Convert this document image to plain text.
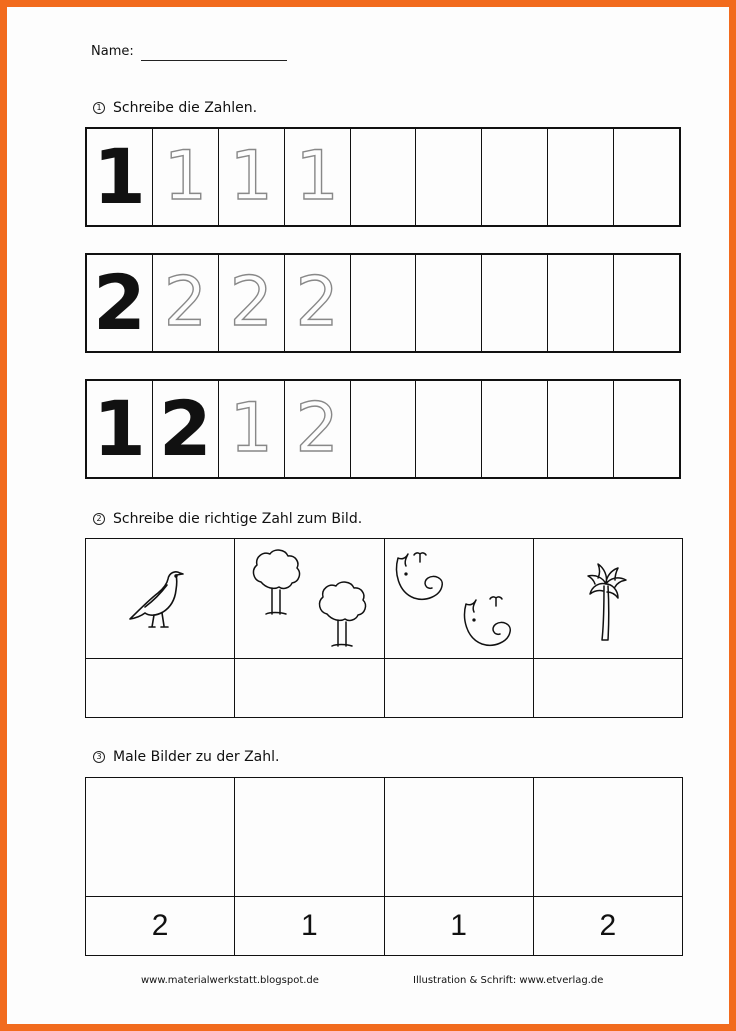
Name:
1 Schreibe die Zahlen.
1 1 1 1
2 2 2 2
1 2 1 2
2 Schreibe die richtige Zahl zum Bild.
3 Male Bilder zu der Zahl.
2	1	1	2
www.materialwerkstatt.blogspot.de	Illustration & Schrift: www.etverlag.de
